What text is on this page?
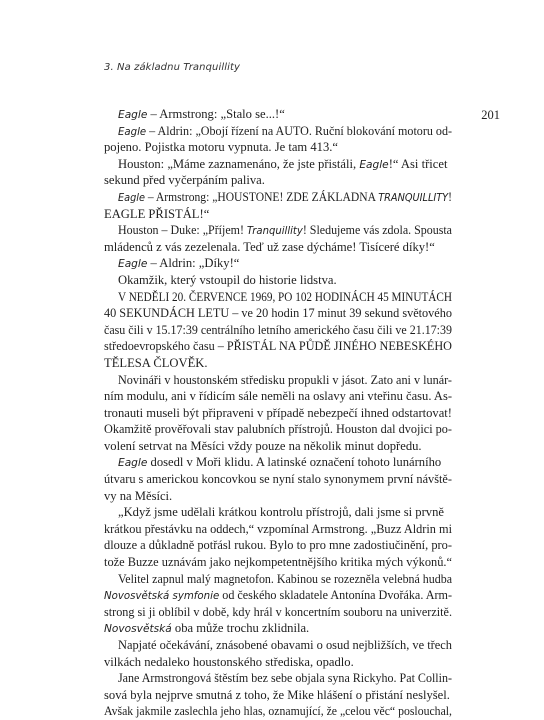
3. Na základnu Tranquillity
201
Eagle – Armstrong: „Stalo se...!“
Eagle – Aldrin: „Obojí řízení na AUTO. Ruční blokování motoru od-
pojeno. Pojistka motoru vypnuta. Je tam 413.“
Houston: „Máme zaznamenáno, že jste přistáli, Eagle!“ Asi třicet
sekund před vyčerpáním paliva.
Eagle – Armstrong: „HOUSTONE! ZDE ZÁKLADNA TRANQUILLITY!
EAGLE PŘISTÁL!“
Houston – Duke: „Příjem! Tranquillity! Sledujeme vás zdola. Spousta
mládenců z vás zezelenala. Teď už zase dýcháme! Tisíceré díky!“
Eagle – Aldrin: „Díky!“
Okamžik, který vstoupil do historie lidstva.
V NEDĚLI 20. ČERVENCE 1969, PO 102 HODINÁCH 45 MINUTÁCH
40 SEKUNDÁCH LETU – ve 20 hodin 17 minut 39 sekund světového
času čili v 15.17:39 centrálního letního amerického času čili ve 21.17:39
středoevropského času – PŘISTÁL NA PŮDĚ JINÉHO NEBESKÉHO
TĚLESA ČLOVĚK.
Novináři v houstonském středisku propukli v jásot. Zato ani v lunár-
ním modulu, ani v řídicím sále neměli na oslavy ani vteřinu času. As-
tronauti museli být připraveni v případě nebezpečí ihned odstartovat!
Okamžitě prověřovali stav palubních přístrojů. Houston dal dvojici po-
volení setrvat na Měsíci vždy pouze na několik minut dopředu.
Eagle dosedl v Moři klidu. A latinské označení tohoto lunárního
útvaru s americkou koncovkou se nyní stalo synonymem první návště-
vy na Měsíci.
„Když jsme udělali krátkou kontrolu přístrojů, dali jsme si prvně
krátkou přestávku na oddech,“ vzpomínal Armstrong. „Buzz Aldrin mi
dlouze a důkladně potřásl rukou. Bylo to pro mne zadostiučinění, pro-
tože Buzze uznávám jako nejkompetentnějšího kritika mých výkonů.“
Velitel zapnul malý magnetofon. Kabinou se rozezněla velebná hudba
Novosvětská symfonie od českého skladatele Antonína Dvořáka. Arm-
strong si ji oblíbil v době, kdy hrál v koncertním souboru na univerzitě.
Novosvětská oba může trochu zklidnila.
Napjaté očekávání, znásobené obavami o osud nejbližších, ve třech
vilkách nedaleko houstonského střediska, opadlo.
Jane Armstrongová štěstím bez sebe objala syna Rickyho. Pat Collin-
sová byla nejprve smutná z toho, že Mike hlášení o přistání neslyšel.
Avšak jakmile zaslechla jeho hlas, oznamující, že „celou věc“ poslouchal,
